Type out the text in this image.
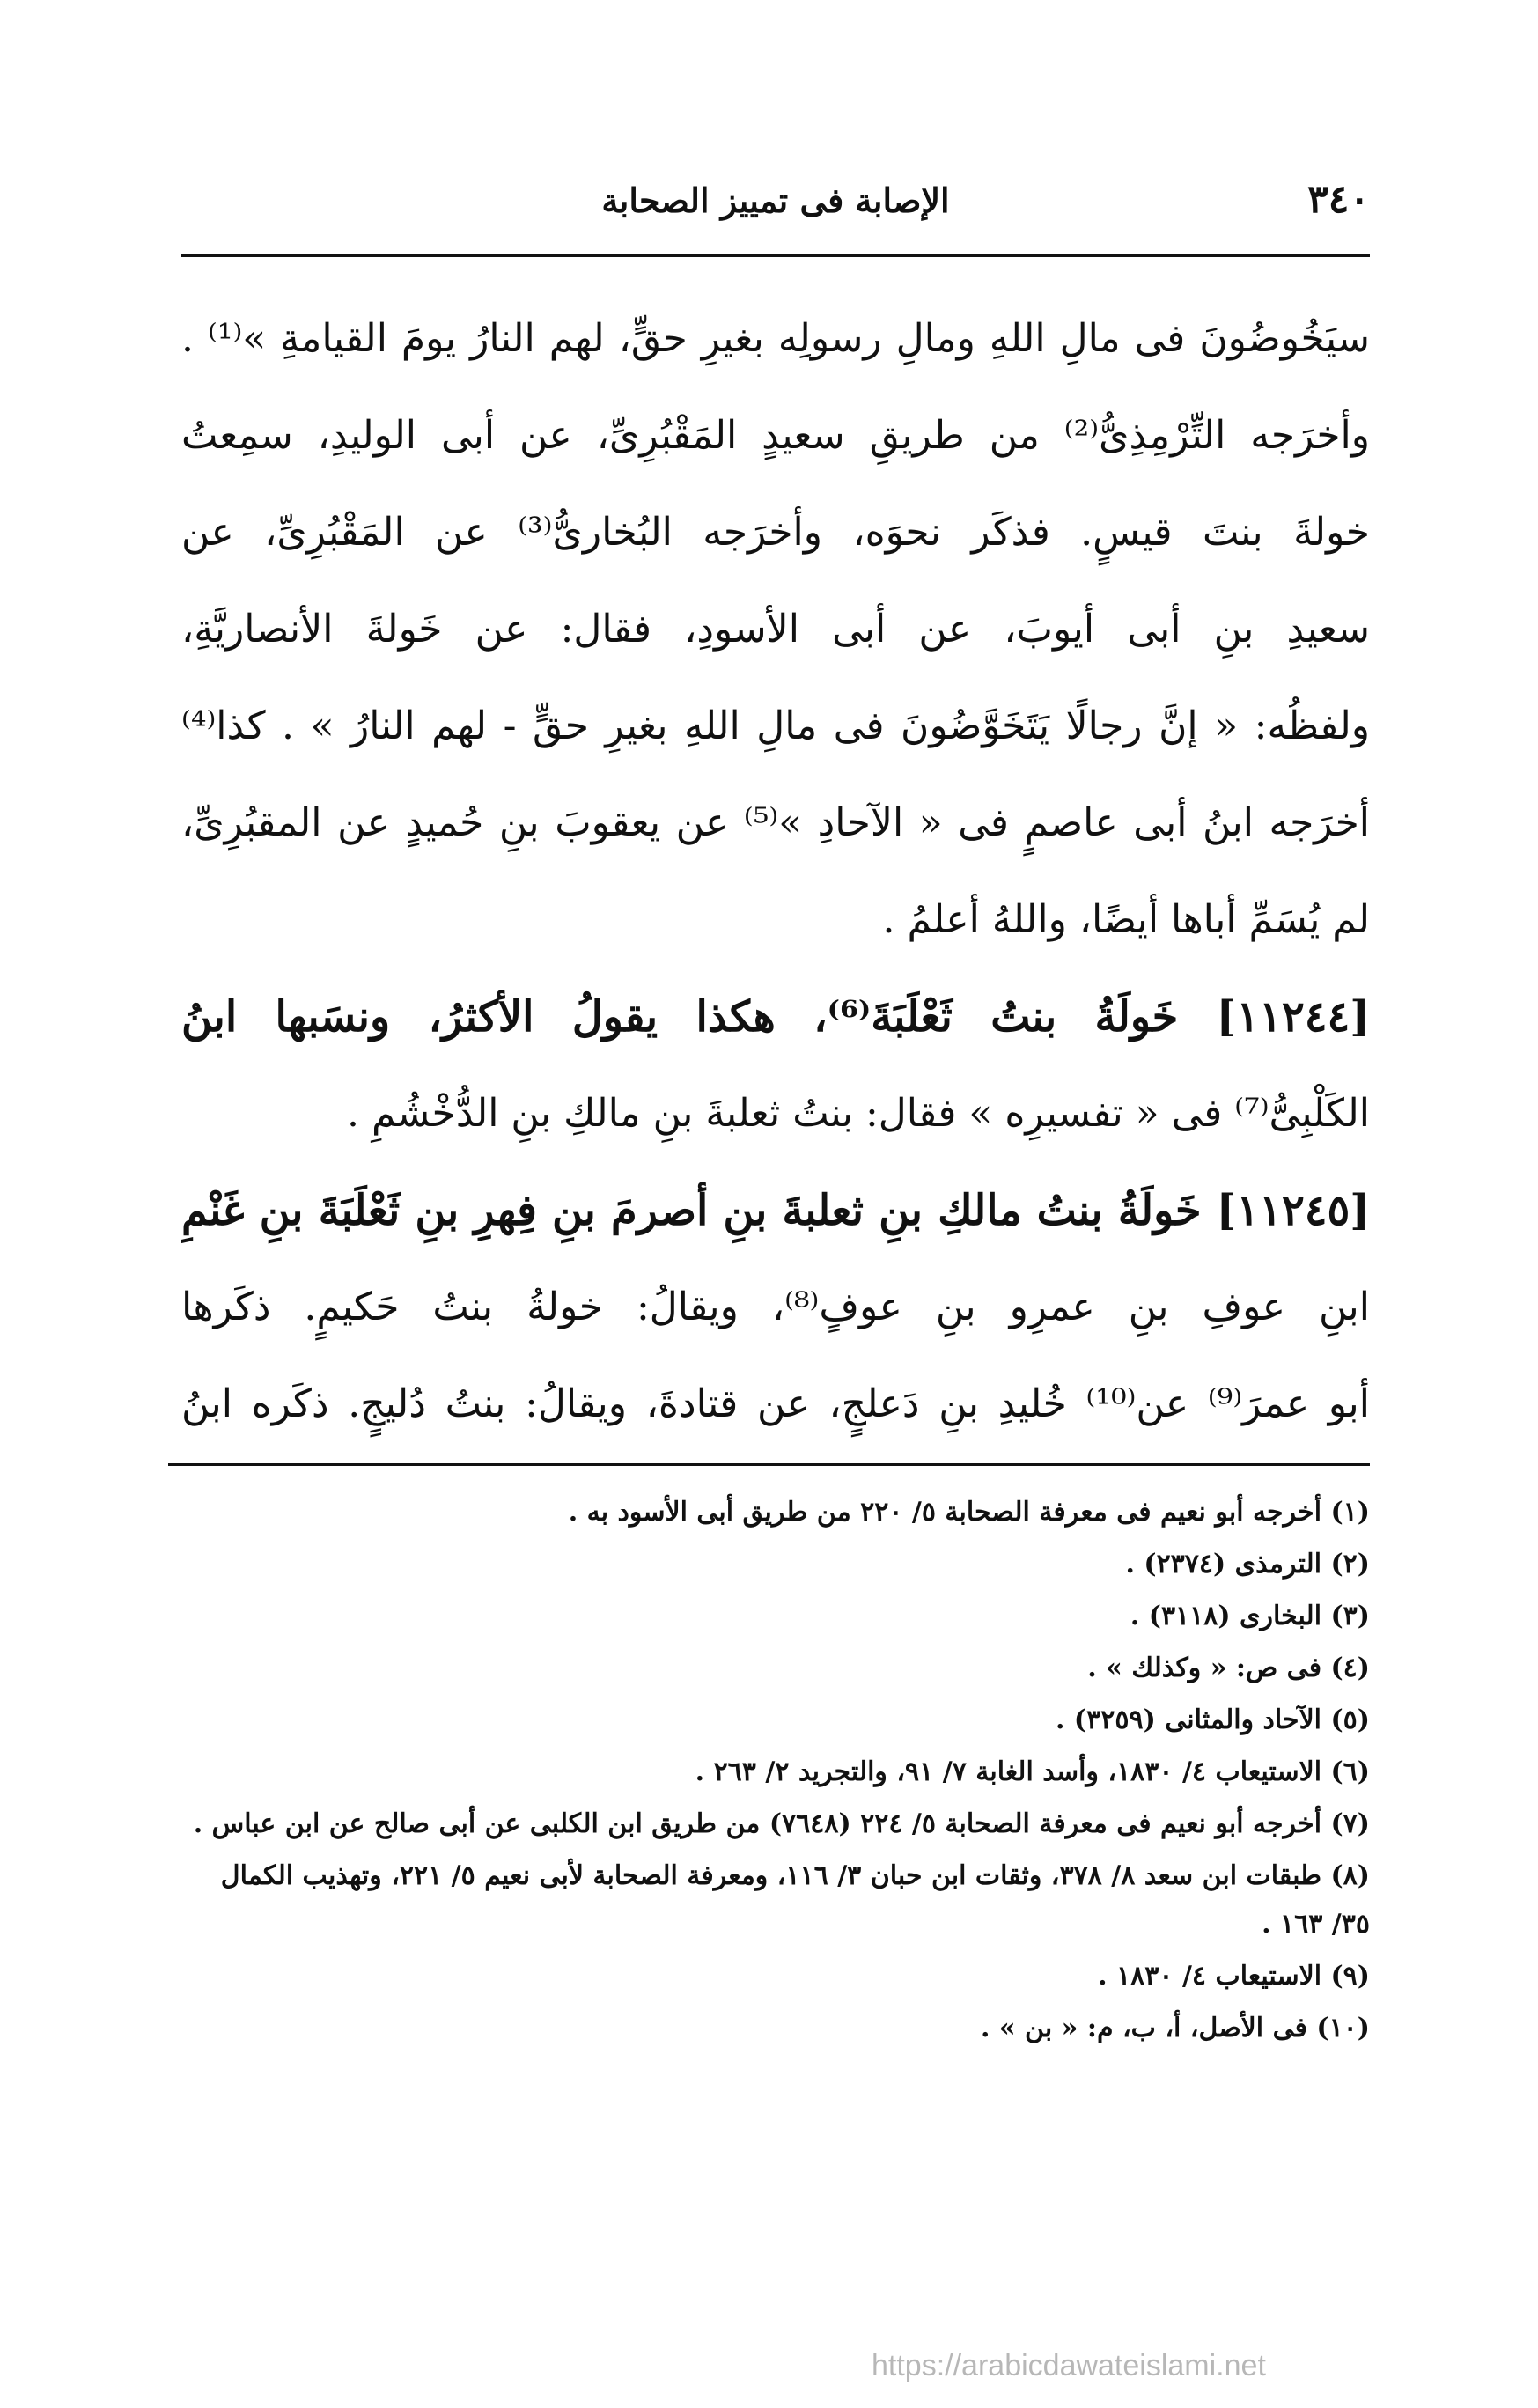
٣٤٠
الإصابة فى تمييز الصحابة
سيَخُوضُونَ فى مالِ اللهِ ومالِ رسولِه بغيرِ حقٍّ، لهم النارُ يومَ القيامةِ »⁽¹⁾ .
وأخرَجه التِّرْمِذِىُّ⁽²⁾ من طريقِ سعيدٍ المَقْبُرِىِّ، عن أبى الوليدِ، سمِعتُ
خولةَ بنتَ قيسٍ. فذكَر نحوَه، وأخرَجه البُخارىُّ⁽³⁾ عن المَقْبُرِىِّ، عن
سعيدِ بنِ أبى أيوبَ، عن أبى الأسودِ، فقال: عن خَولةَ الأنصاريَّةِ،
ولفظُه: « إنَّ رجالًا يَتَخَوَّضُونَ فى مالِ اللهِ بغيرِ حقٍّ - لهم النارُ » . كذا⁽⁴⁾
أخرَجه ابنُ أبى عاصمٍ فى « الآحادِ »⁽⁵⁾ عن يعقوبَ بنِ حُميدٍ عن المقبُرِىِّ،
لم يُسَمِّ أباها أيضًا، واللهُ أعلمُ .
[١١٢٤٤] خَولَةُ بنتُ ثَعْلَبَةَ⁽⁶⁾، هكذا يقولُ الأكثرُ، ونسَبها ابنُ
الكَلْبِىُّ⁽⁷⁾ فى « تفسيرِه » فقال: بنتُ ثعلبةَ بنِ مالكِ بنِ الدُّخْشُمِ .
[١١٢٤٥] خَولَةُ بنتُ مالكِ بنِ ثعلبةَ بنِ أصرمَ بنِ فِهرِ بنِ ثَعْلَبَةَ بنِ غَنْمِ
ابنِ عوفِ بنِ عمرِو بنِ عوفٍ⁽⁸⁾، ويقالُ: خولةُ بنتُ حَكيمٍ. ذكَرها
أبو عمرَ⁽⁹⁾ عن⁽¹⁰⁾ خُليدِ بنِ دَعلجٍ، عن قتادةَ، ويقالُ: بنتُ دُليجٍ. ذكَره ابنُ
(١) أخرجه أبو نعيم فى معرفة الصحابة ٥/ ٢٢٠ من طريق أبى الأسود به .
(٢) الترمذى (٢٣٧٤) .
(٣) البخارى (٣١١٨) .
(٤) فى ص: « وكذلك » .
(٥) الآحاد والمثانى (٣٢٥٩) .
(٦) الاستيعاب ٤/ ١٨٣٠، وأسد الغابة ٧/ ٩١، والتجريد ٢/ ٢٦٣ .
(٧) أخرجه أبو نعيم فى معرفة الصحابة ٥/ ٢٢٤ (٧٦٤٨) من طريق ابن الكلبى عن أبى صالح عن ابن عباس .
(٨) طبقات ابن سعد ٨/ ٣٧٨، وثقات ابن حبان ٣/ ١١٦، ومعرفة الصحابة لأبى نعيم ٥/ ٢٢١، وتهذيب الكمال ٣٥/ ١٦٣ .
(٩) الاستيعاب ٤/ ١٨٣٠ .
(١٠) فى الأصل، أ، ب، م: « بن » .
https://arabicdawateislami.net
